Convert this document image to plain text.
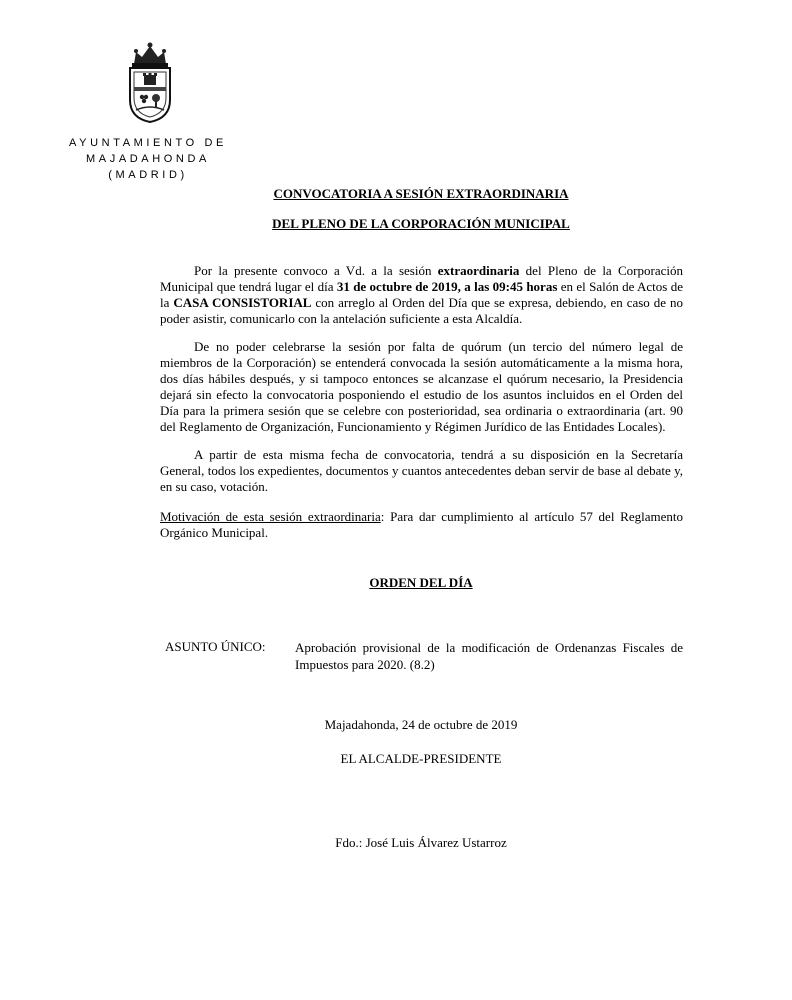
AYUNTAMIENTO DE
MAJADAHONDA
(MADRID)
CONVOCATORIA A SESIÓN EXTRAORDINARIA
DEL PLENO DE LA CORPORACIÓN MUNICIPAL

Por la presente convoco a Vd. a la sesión extraordinaria del Pleno de la Corporación Municipal que tendrá lugar el día 31 de octubre de 2019, a las 09:45 horas en el Salón de Actos de la CASA CONSISTORIAL con arreglo al Orden del Día que se expresa, debiendo, en caso de no poder asistir, comunicarlo con la antelación suficiente a esta Alcaldía.

De no poder celebrarse la sesión por falta de quórum (un tercio del número legal de miembros de la Corporación) se entenderá convocada la sesión automáticamente a la misma hora, dos días hábiles después, y si tampoco entonces se alcanzase el quórum necesario, la Presidencia dejará sin efecto la convocatoria posponiendo el estudio de los asuntos incluidos en el Orden del Día para la primera sesión que se celebre con posterioridad, sea ordinaria o extraordinaria (art. 90 del Reglamento de Organización, Funcionamiento y Régimen Jurídico de las Entidades Locales).

A partir de esta misma fecha de convocatoria, tendrá a su disposición en la Secretaría General, todos los expedientes, documentos y cuantos antecedentes deban servir de base al debate y, en su caso, votación.

Motivación de esta sesión extraordinaria: Para dar cumplimiento al artículo 57 del Reglamento Orgánico Municipal.

ORDEN DEL DÍA
ASUNTO ÚNICO: Aprobación provisional de la modificación de Ordenanzas Fiscales de Impuestos para 2020. (8.2)
Majadahonda, 24 de octubre de 2019
EL ALCALDE-PRESIDENTE
Fdo.: José Luis Álvarez Ustarroz
